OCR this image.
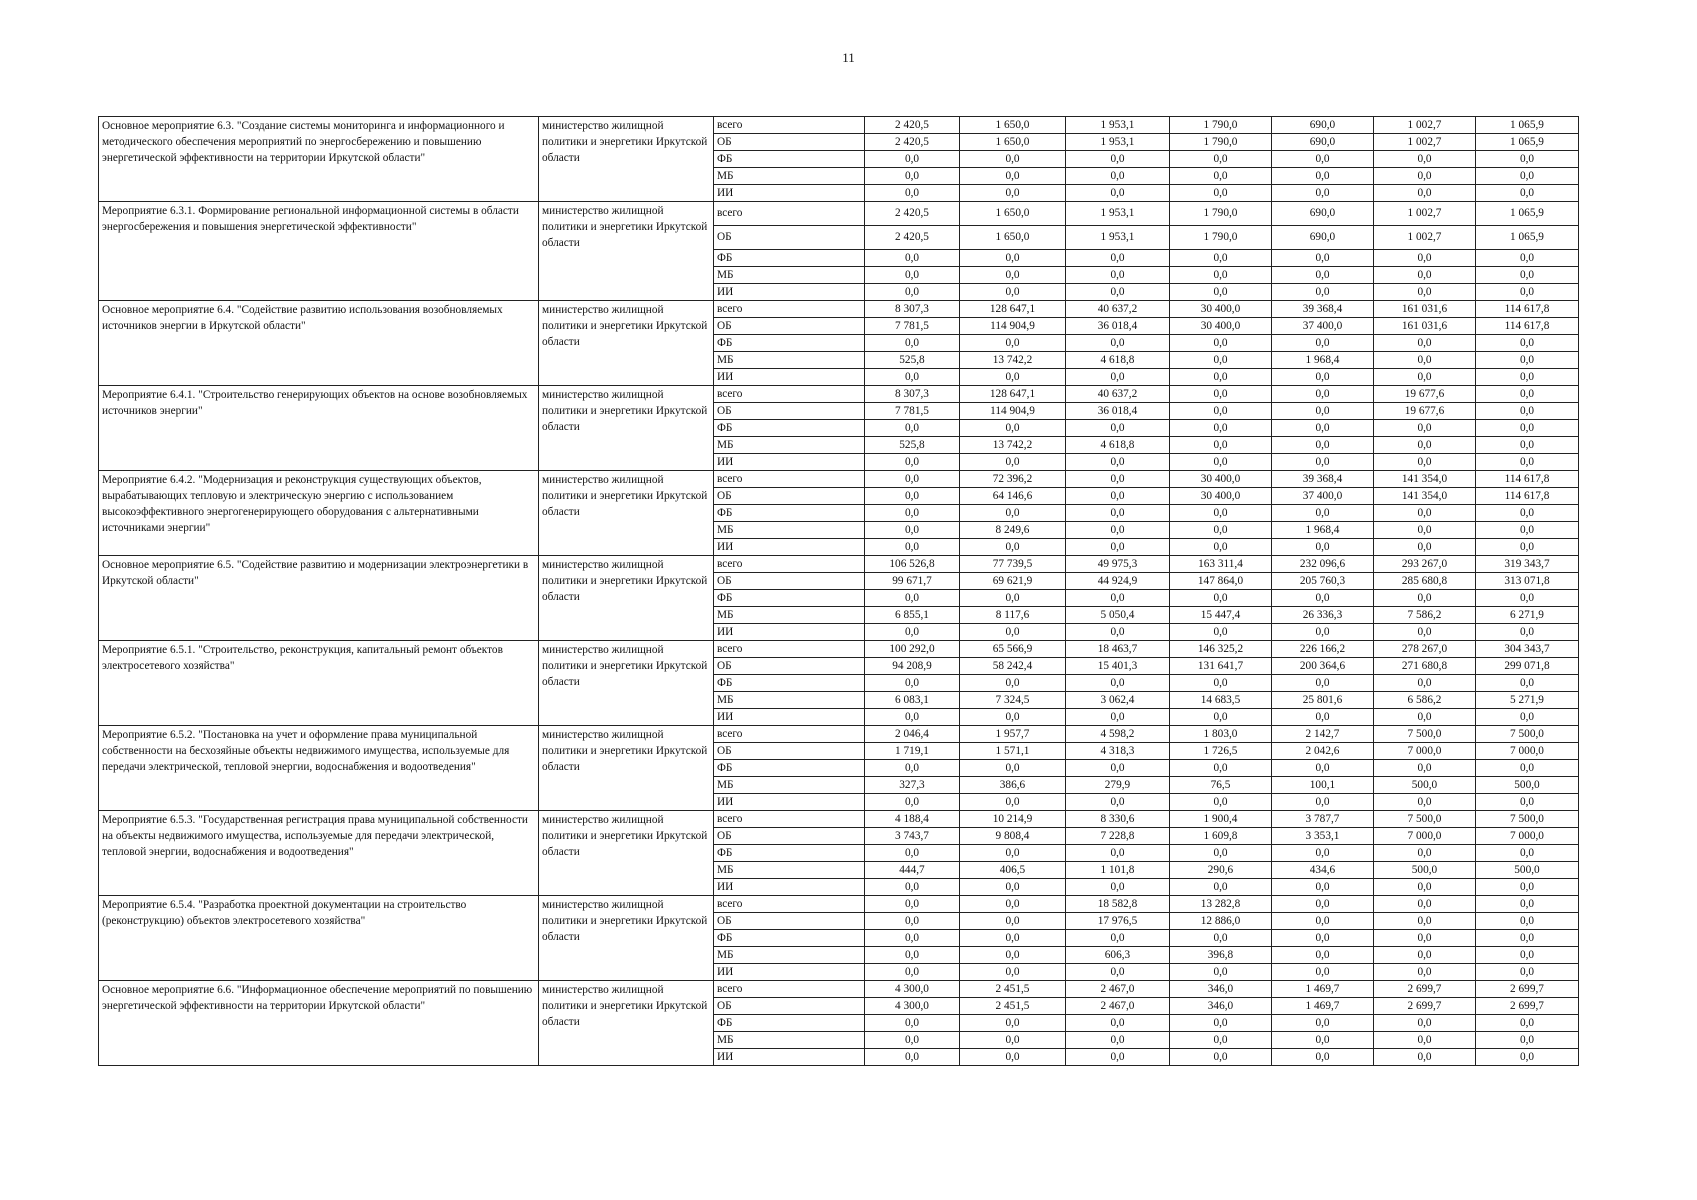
11
Основное мероприятие 6.3. "Создание системы мониторинга и информационного и методического обеспечения мероприятий по энергосбережению и повышению энергетической эффективности на территории Иркутской области"	министерство жилищной политики и энергетики Иркутской области	всего	2 420,5	1 650,0	1 953,1	1 790,0	690,0	1 002,7	1 065,9
		ОБ	2 420,5	1 650,0	1 953,1	1 790,0	690,0	1 002,7	1 065,9
		ФБ	0,0	0,0	0,0	0,0	0,0	0,0	0,0
		МБ	0,0	0,0	0,0	0,0	0,0	0,0	0,0
		ИИ	0,0	0,0	0,0	0,0	0,0	0,0	0,0
Мероприятие 6.3.1. Формирование региональной информационной системы в области энергосбережения и повышения энергетической эффективности"	министерство жилищной политики и энергетики Иркутской области	всего	2 420,5	1 650,0	1 953,1	1 790,0	690,0	1 002,7	1 065,9
		ОБ	2 420,5	1 650,0	1 953,1	1 790,0	690,0	1 002,7	1 065,9
		ФБ	0,0	0,0	0,0	0,0	0,0	0,0	0,0
		МБ	0,0	0,0	0,0	0,0	0,0	0,0	0,0
		ИИ	0,0	0,0	0,0	0,0	0,0	0,0	0,0
Основное мероприятие 6.4. "Содействие развитию использования возобновляемых источников энергии в Иркутской области"	министерство жилищной политики и энергетики Иркутской области	всего	8 307,3	128 647,1	40 637,2	30 400,0	39 368,4	161 031,6	114 617,8
		ОБ	7 781,5	114 904,9	36 018,4	30 400,0	37 400,0	161 031,6	114 617,8
		ФБ	0,0	0,0	0,0	0,0	0,0	0,0	0,0
		МБ	525,8	13 742,2	4 618,8	0,0	1 968,4	0,0	0,0
		ИИ	0,0	0,0	0,0	0,0	0,0	0,0	0,0
Мероприятие 6.4.1. "Строительство генерирующих объектов на основе возобновляемых источников энергии"	министерство жилищной политики и энергетики Иркутской области	всего	8 307,3	128 647,1	40 637,2	0,0	0,0	19 677,6	0,0
		ОБ	7 781,5	114 904,9	36 018,4	0,0	0,0	19 677,6	0,0
		ФБ	0,0	0,0	0,0	0,0	0,0	0,0	0,0
		МБ	525,8	13 742,2	4 618,8	0,0	0,0	0,0	0,0
		ИИ	0,0	0,0	0,0	0,0	0,0	0,0	0,0
Мероприятие 6.4.2. "Модернизация и реконструкция существующих объектов, вырабатывающих тепловую и электрическую энергию с использованием высокоэффективного энергогенерирующего оборудования с альтернативными источниками энергии"	министерство жилищной политики и энергетики Иркутской области	всего	0,0	72 396,2	0,0	30 400,0	39 368,4	141 354,0	114 617,8
		ОБ	0,0	64 146,6	0,0	30 400,0	37 400,0	141 354,0	114 617,8
		ФБ	0,0	0,0	0,0	0,0	0,0	0,0	0,0
		МБ	0,0	8 249,6	0,0	0,0	1 968,4	0,0	0,0
		ИИ	0,0	0,0	0,0	0,0	0,0	0,0	0,0
Основное мероприятие 6.5. "Содействие развитию и модернизации электроэнергетики в Иркутской области"	министерство жилищной политики и энергетики Иркутской области	всего	106 526,8	77 739,5	49 975,3	163 311,4	232 096,6	293 267,0	319 343,7
		ОБ	99 671,7	69 621,9	44 924,9	147 864,0	205 760,3	285 680,8	313 071,8
		ФБ	0,0	0,0	0,0	0,0	0,0	0,0	0,0
		МБ	6 855,1	8 117,6	5 050,4	15 447,4	26 336,3	7 586,2	6 271,9
		ИИ	0,0	0,0	0,0	0,0	0,0	0,0	0,0
Мероприятие 6.5.1. "Строительство, реконструкция, капитальный ремонт объектов электросетевого хозяйства"	министерство жилищной политики и энергетики Иркутской области	всего	100 292,0	65 566,9	18 463,7	146 325,2	226 166,2	278 267,0	304 343,7
		ОБ	94 208,9	58 242,4	15 401,3	131 641,7	200 364,6	271 680,8	299 071,8
		ФБ	0,0	0,0	0,0	0,0	0,0	0,0	0,0
		МБ	6 083,1	7 324,5	3 062,4	14 683,5	25 801,6	6 586,2	5 271,9
		ИИ	0,0	0,0	0,0	0,0	0,0	0,0	0,0
Мероприятие 6.5.2. "Постановка на учет и оформление права муниципальной собственности на бесхозяйные объекты недвижимого имущества, используемые для передачи электрической, тепловой энергии, водоснабжения и водоотведения"	министерство жилищной политики и энергетики Иркутской области	всего	2 046,4	1 957,7	4 598,2	1 803,0	2 142,7	7 500,0	7 500,0
		ОБ	1 719,1	1 571,1	4 318,3	1 726,5	2 042,6	7 000,0	7 000,0
		ФБ	0,0	0,0	0,0	0,0	0,0	0,0	0,0
		МБ	327,3	386,6	279,9	76,5	100,1	500,0	500,0
		ИИ	0,0	0,0	0,0	0,0	0,0	0,0	0,0
Мероприятие 6.5.3. "Государственная регистрация права муниципальной собственности на объекты недвижимого имущества, используемые для передачи электрической, тепловой энергии, водоснабжения и водоотведения"	министерство жилищной политики и энергетики Иркутской области	всего	4 188,4	10 214,9	8 330,6	1 900,4	3 787,7	7 500,0	7 500,0
		ОБ	3 743,7	9 808,4	7 228,8	1 609,8	3 353,1	7 000,0	7 000,0
		ФБ	0,0	0,0	0,0	0,0	0,0	0,0	0,0
		МБ	444,7	406,5	1 101,8	290,6	434,6	500,0	500,0
		ИИ	0,0	0,0	0,0	0,0	0,0	0,0	0,0
Мероприятие 6.5.4. "Разработка проектной документации на строительство (реконструкцию) объектов электросетевого хозяйства"	министерство жилищной политики и энергетики Иркутской области	всего	0,0	0,0	18 582,8	13 282,8	0,0	0,0	0,0
		ОБ	0,0	0,0	17 976,5	12 886,0	0,0	0,0	0,0
		ФБ	0,0	0,0	0,0	0,0	0,0	0,0	0,0
		МБ	0,0	0,0	606,3	396,8	0,0	0,0	0,0
		ИИ	0,0	0,0	0,0	0,0	0,0	0,0	0,0
Основное мероприятие 6.6. "Информационное обеспечение мероприятий по повышению энергетической эффективности на территории Иркутской области"	министерство жилищной политики и энергетики Иркутской области	всего	4 300,0	2 451,5	2 467,0	346,0	1 469,7	2 699,7	2 699,7
		ОБ	4 300,0	2 451,5	2 467,0	346,0	1 469,7	2 699,7	2 699,7
		ФБ	0,0	0,0	0,0	0,0	0,0	0,0	0,0
		МБ	0,0	0,0	0,0	0,0	0,0	0,0	0,0
		ИИ	0,0	0,0	0,0	0,0	0,0	0,0	0,0
